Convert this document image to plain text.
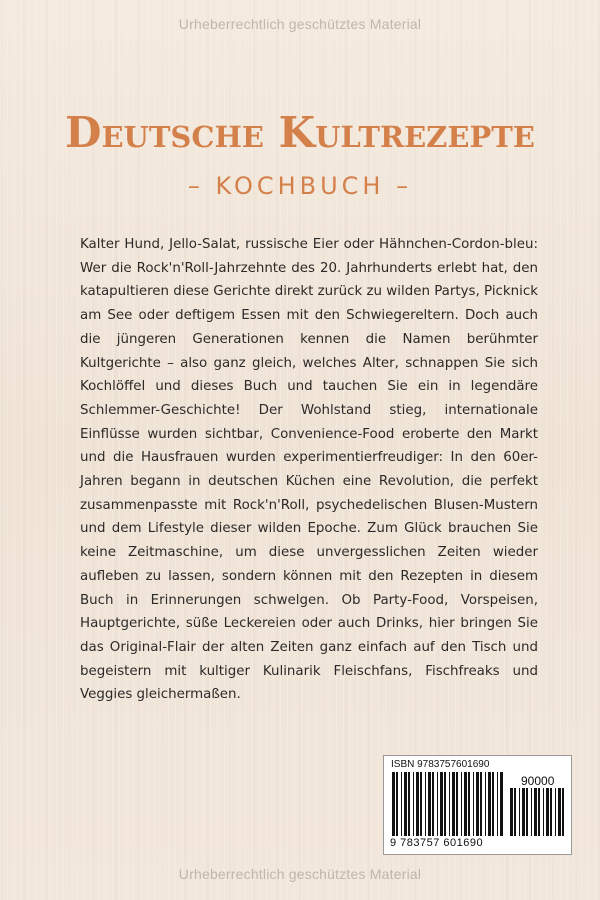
Urheberrechtlich geschütztes Material
Deutsche Kultrezepte
– KOCHBUCH –

Kalter Hund, Jello-Salat, russische Eier oder Hähnchen-Cordon-bleu: Wer die Rock'n'Roll-Jahrzehnte des 20. Jahrhunderts erlebt hat, den katapultieren diese Gerichte direkt zurück zu wilden Partys, Picknick am See oder deftigem Essen mit den Schwiegereltern. Doch auch die jüngeren Generationen kennen die Namen berühmter Kultgerichte – also ganz gleich, welches Alter, schnappen Sie sich Kochlöffel und dieses Buch und tauchen Sie ein in legendäre Schlemmer-Geschichte! Der Wohlstand stieg, internationale Einflüsse wurden sichtbar, Convenience-Food eroberte den Markt und die Hausfrauen wurden experimentierfreudiger: In den 60er-Jahren begann in deutschen Küchen eine Revolution, die perfekt zusammenpasste mit Rock'n'Roll, psychedelischen Blusen-Mustern und dem Lifestyle dieser wilden Epoche. Zum Glück brauchen Sie keine Zeitmaschine, um diese unvergesslichen Zeiten wieder aufleben zu lassen, sondern können mit den Rezepten in diesem Buch in Erinnerungen schwelgen. Ob Party-Food, Vorspeisen, Hauptgerichte, süße Leckereien oder auch Drinks, hier bringen Sie das Original-Flair der alten Zeiten ganz einfach auf den Tisch und begeistern mit kultiger Kulinarik Fleischfans, Fischfreaks und Veggies gleichermaßen.

ISBN 9783757601690
90000
9 783757 601690
Urheberrechtlich geschütztes Material
